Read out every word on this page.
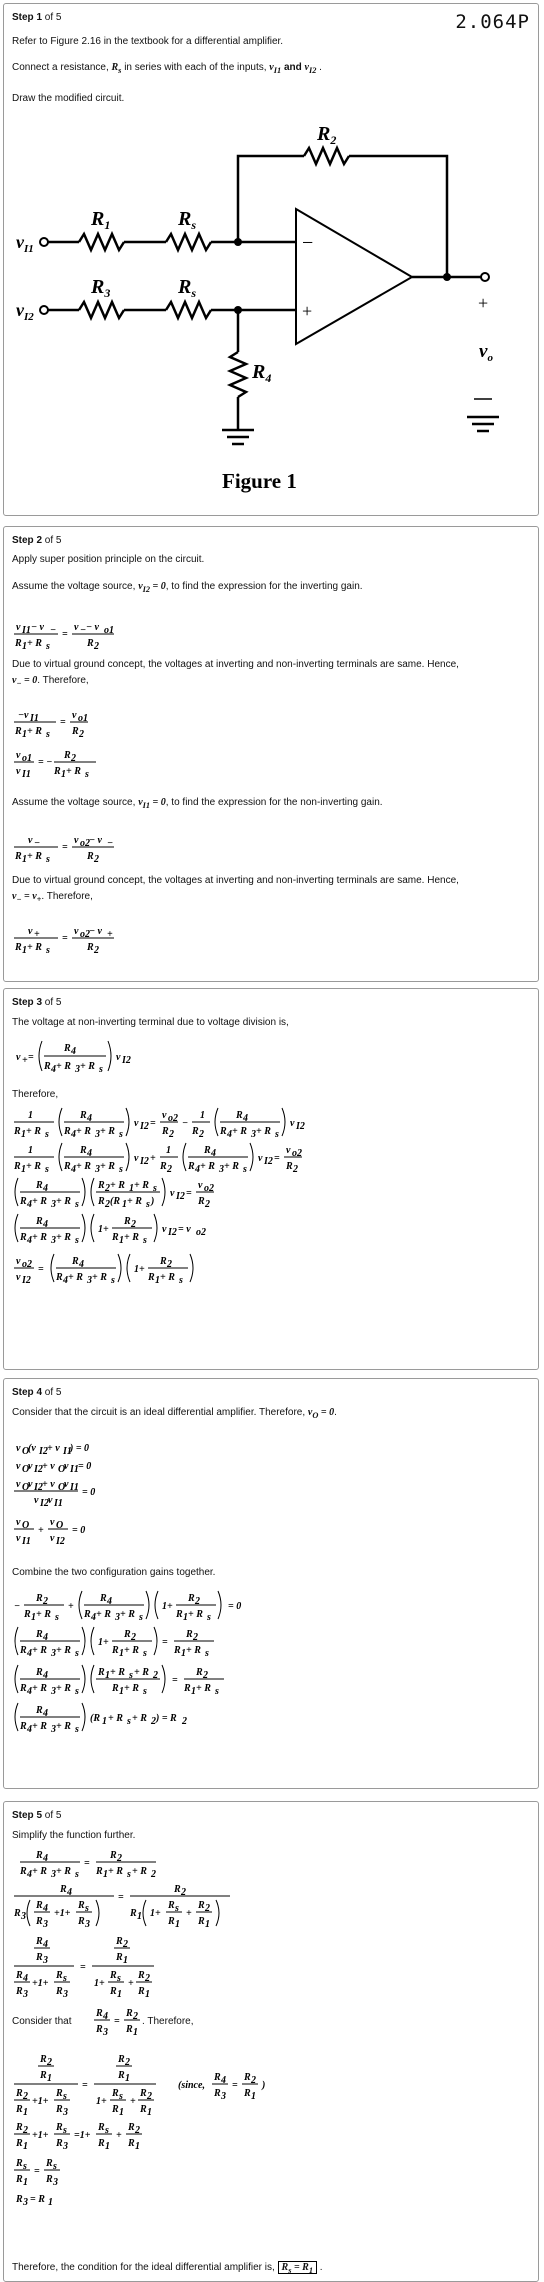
Step 1 of 5	2.064P
Refer to Figure 2.16 in the textbook for a differential amplifier.
Connect a resistance, $R_s$ in series with each of the inputs, $v_{I1}$ and $v_{I2}$ .
Draw the modified circuit.
$v_{I1}$
$v_{I2}$
$R_1$	$R_s$
$R_3$	$R_s$
$R_2$
$R_4$
$v_o$
−
+	+
Figure 1
Step 2 of 5
Apply super position principle on the circuit.
Assume the voltage source, $v_{I2} = 0$, to find the expression for the inverting gain.
v I1 − v −
R 1 + R s
=
v − − v o1
R 2
Due to virtual ground concept, the voltages at inverting and non-inverting terminals are same. Hence,
$v_- = 0$. Therefore,
−v I1
R 1 + R s
=
v o1
R 2
v o1
v I1
= −
R 2
R 1 + R s
Assume the voltage source, $v_{I1} = 0$, to find the expression for the non-inverting gain.
v −
R 1 + R s
=
v o2 − v −
R 2
Due to virtual ground concept, the voltages at inverting and non-inverting terminals are same. Hence,
$v_- = v_+$. Therefore,
v +
R 1 + R s
=
v o2 − v +
R 2
Step 3 of 5
The voltage at non-inverting terminal due to voltage division is,
v + =
R 4
R 4 + R 3 + R s
v I2
Therefore,
1
R 1 + R s
R 4
R 4 + R 3 + R s
v I2 =
v o2
R 2
−
1
R 2
R 4
R 4 + R 3 + R s
v I2
1
R 1 + R s
R 4
R 4 + R 3 + R s
v I2 +
1
R 2
R 4
R 4 + R 3 + R s
v I2 =
v o2
R 2
R 4
R 4 + R 3 + R s
R 2 + R 1 + R s
R 2 (R 1 + R s )
v I2 =
v o2
R 2
R 4
R 4 + R 3 + R s
1+
R 2
R 1 + R s
v I2 = v o2
v o2
v I2
=
R 4
R 4 + R 3 + R s
1+
R 2
R 1 + R s
Step 4 of 5
Consider that the circuit is an ideal differential amplifier. Therefore, $v_O = 0$.
v O
(v I2 + v I1
) = 0
v O
v I2 + v O
v I1 = 0
v O
v I2 + v O
v I1
v I2 v I1
= 0
v O
v I1
+
v O
v I2
= 0
Combine the two configuration gains together.
−
R 2
R 1 + R s
+
R 4
R 4 + R 3 + R s
1+
R 2
R 1 + R s
= 0
R 4
R 4 + R 3 + R s
1+
R 2
R 1 + R s
=
R 2
R 1 + R s
R 4
R 4 + R 3 + R s
R 1 + R s + R 2
R 1 + R s
=
R 2
R 1 + R s
R 4
R 4 + R 3 + R s
(R 1 + R s + R 2 ) = R 2
Step 5 of 5
Simplify the function further.
R 4
R 4 + R 3 + R s
=
R 2
R 1 + R s + R 2
R 4
R 3
R 4
R 3
+1+
R s
R 3
=
R 2
R 1 1+
R s
R 1
+
R 2
R 1
R 4
R 3
R 4
R 3
+1+
R s
R 3
=
R 2
R 1
1+
R s
R 1
+
R 2
R 1
Consider that
R 4
R 3
=
R 2
R 1
. Therefore,
R 2
R 1
R 2
R 1
+1+
R s
R 3
=
R 2
R 1
1+
R s
R 1
+
R 2
R 1
(since,
R 4
R 3
=
R 2
R 1
)
R 2
R 1
+1+
R s
R 3
=1+
R s
R 1
+
R 2
R 1
R s
R 1
=
R s
R 3
R 3 = R 1
Therefore, the condition for the ideal differential amplifier is, $R_s = R_1$ .
